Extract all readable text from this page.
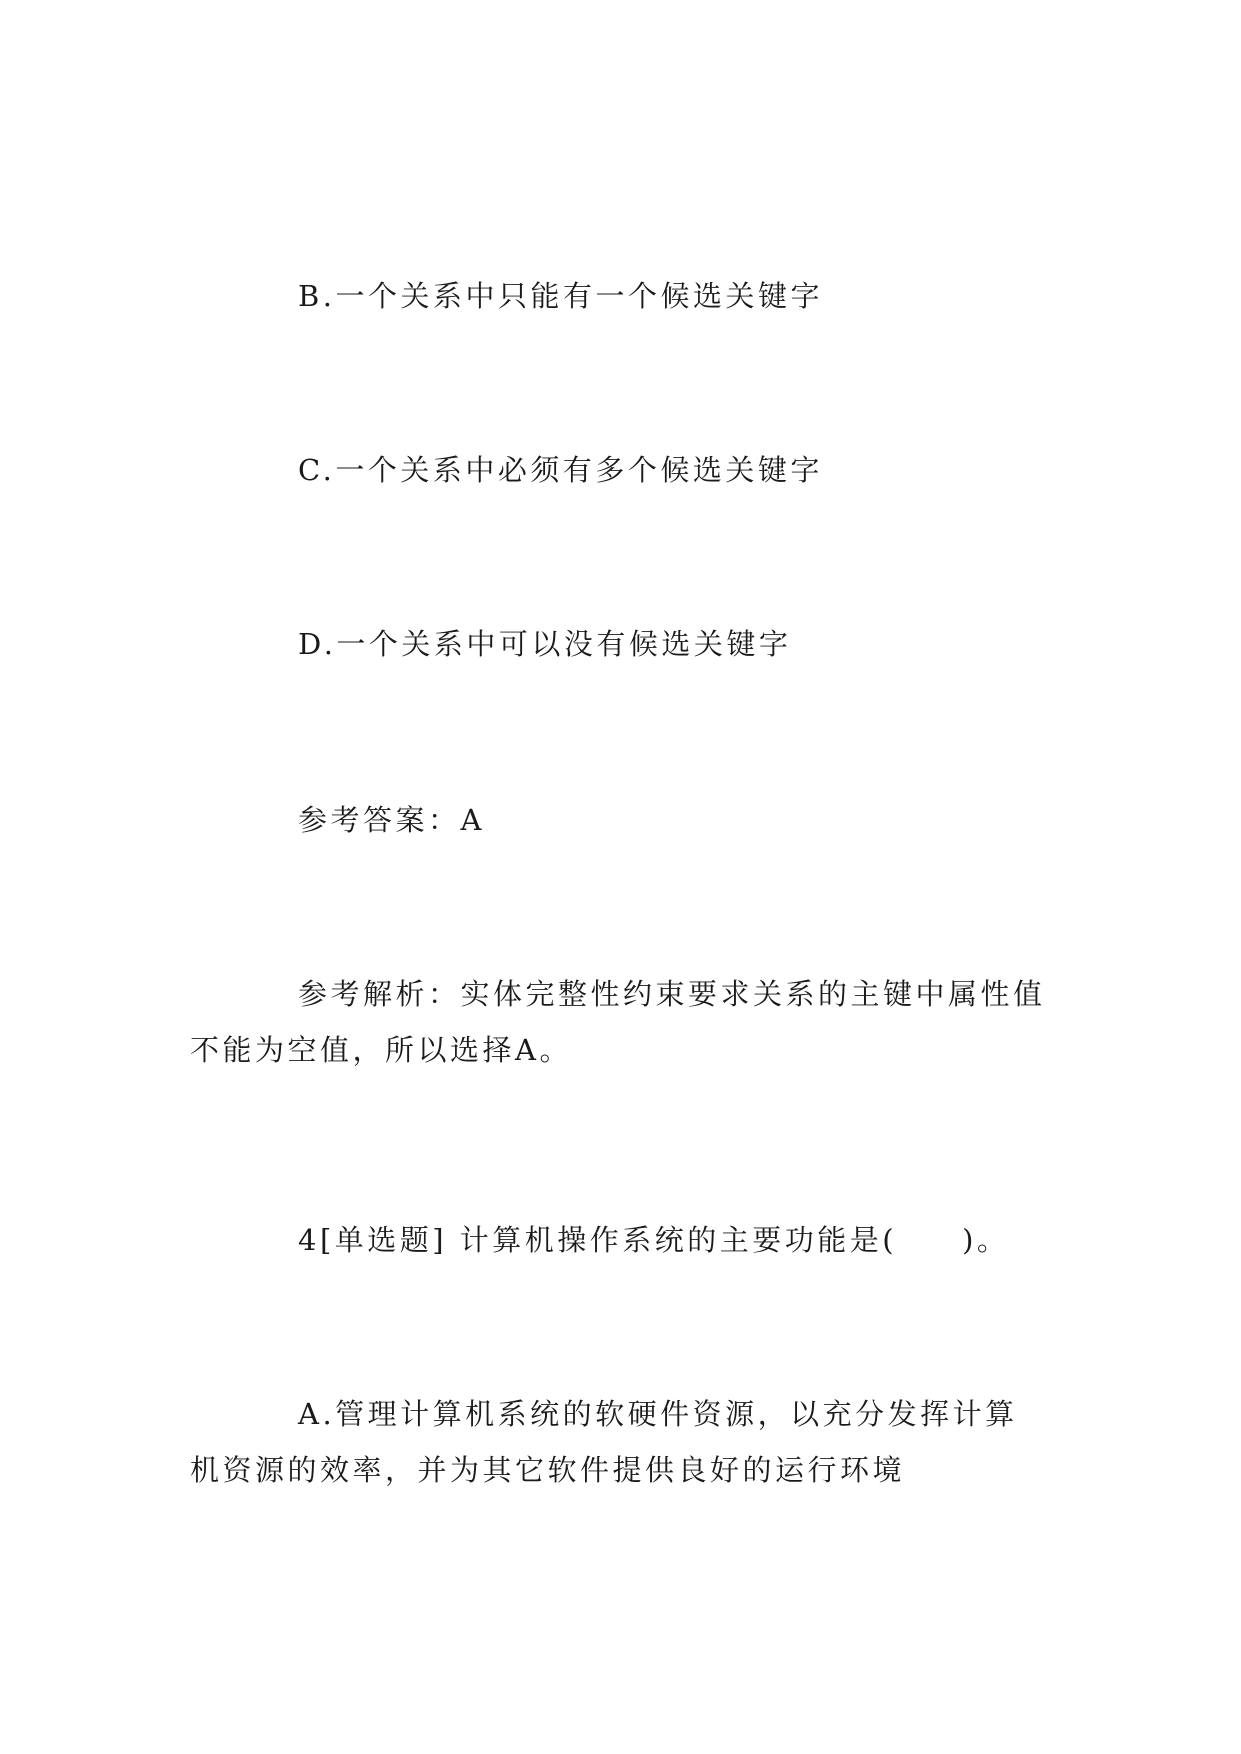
B.一个关系中只能有一个候选关键字

C.一个关系中必须有多个候选关键字

D.一个关系中可以没有候选关键字

参考答案：A

参考解析：实体完整性约束要求关系的主键中属性值不能为空值，所以选择A。

4[单选题] 计算机操作系统的主要功能是(　　)。

A.管理计算机系统的软硬件资源，以充分发挥计算机资源的效率，并为其它软件提供良好的运行环境
